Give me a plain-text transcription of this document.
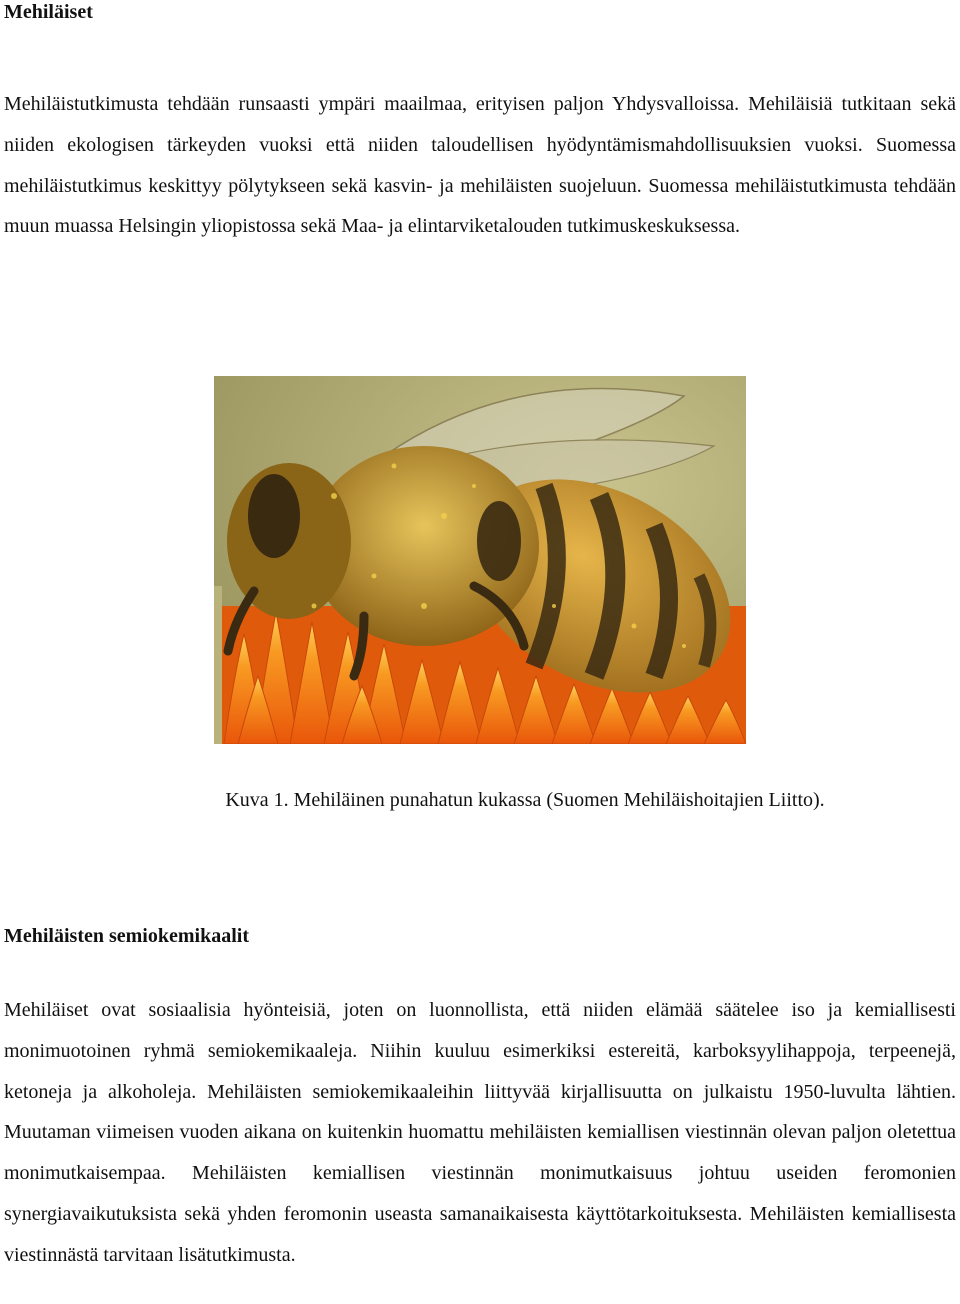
Mehiläiset

Mehiläistutkimusta tehdään runsaasti ympäri maailmaa, erityisen paljon Yhdysvalloissa. Mehiläisiä tutkitaan sekä niiden ekologisen tärkeyden vuoksi että niiden taloudellisen hyödyntämismahdollisuuksien vuoksi. Suomessa mehiläistutkimus keskittyy pölytykseen sekä kasvin- ja mehiläisten suojeluun. Suomessa mehiläistutkimusta tehdään muun muassa Helsingin yliopistossa sekä Maa- ja elintarviketalouden tutkimuskeskuksessa.

Kuva 1. Mehiläinen punahatun kukassa (Suomen Mehiläishoitajien Liitto).
Mehiläisten semiokemikaalit

Mehiläiset ovat sosiaalisia hyönteisiä, joten on luonnollista, että niiden elämää säätelee iso ja kemiallisesti monimuotoinen ryhmä semiokemikaaleja. Niihin kuuluu esimerkiksi estereitä, karboksyylihappoja, terpeenejä, ketoneja ja alkoholeja. Mehiläisten semiokemikaaleihin liittyvää kirjallisuutta on julkaistu 1950-luvulta lähtien. Muutaman viimeisen vuoden aikana on kuitenkin huomattu mehiläisten kemiallisen viestinnän olevan paljon oletettua monimutkaisempaa. Mehiläisten kemiallisen viestinnän monimutkaisuus johtuu useiden feromonien synergiavaikutuksista sekä yhden feromonin useasta samanaikaisesta käyttötarkoituksesta. Mehiläisten kemiallisesta viestinnästä tarvitaan lisätutkimusta.
